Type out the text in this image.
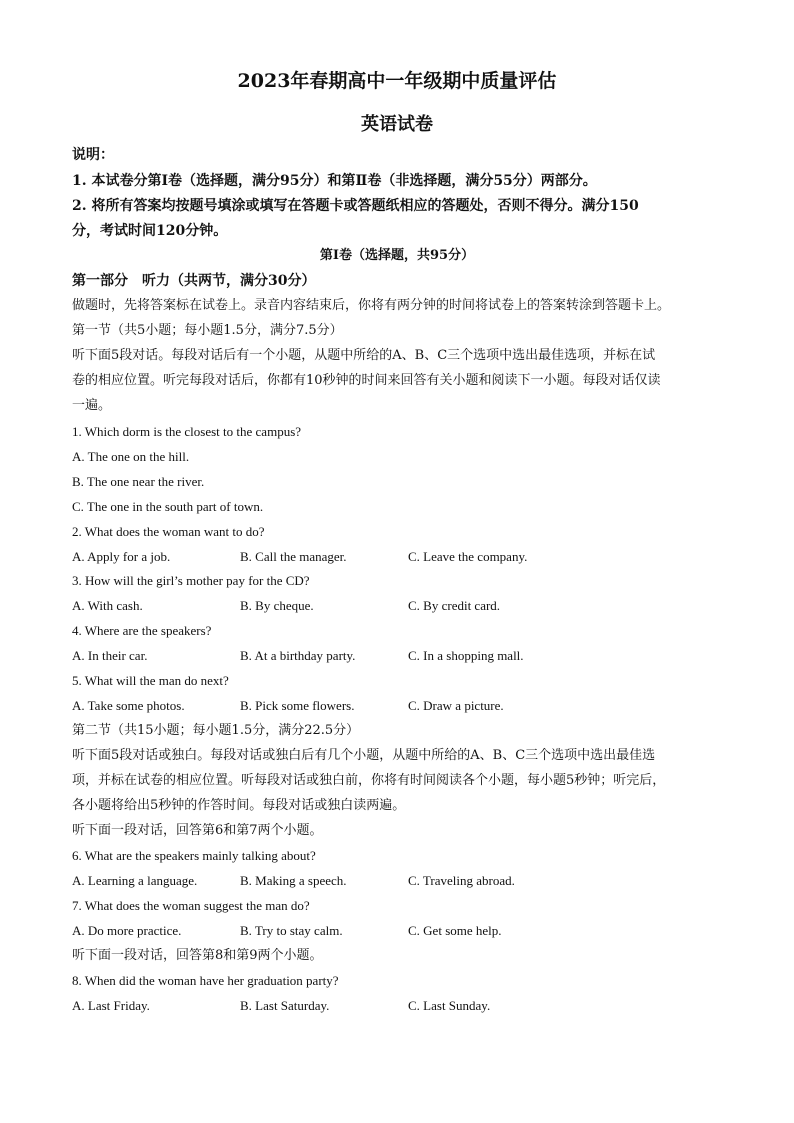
2023年春期高中一年级期中质量评估
英语试卷
说明：
1. 本试卷分第Ⅰ卷（选择题，满分95分）和第Ⅱ卷（非选择题，满分55分）两部分。
2. 将所有答案均按题号填涂或填写在答题卡或答题纸相应的答题处，否则不得分。满分150
分，考试时间120分钟。
第Ⅰ卷（选择题，共95分）
第一部分　听力（共两节，满分30分）
做题时，先将答案标在试卷上。录音内容结束后，你将有两分钟的时间将试卷上的答案转涂到答题卡上。
第一节（共5小题；每小题1.5分，满分7.5分）
听下面5段对话。每段对话后有一个小题，从题中所给的A、B、C三个选项中选出最佳选项，并标在试
卷的相应位置。听完每段对话后，你都有10秒钟的时间来回答有关小题和阅读下一小题。每段对话仅读
一遍。
1. Which dorm is the closest to the campus?
A. The one on the hill.
B. The one near the river.
C. The one in the south part of town.
2. What does the woman want to do?
A. Apply for a job.	B. Call the manager.	C. Leave the company.
3. How will the girl’s mother pay for the CD?
A. With cash.	B. By cheque.	C. By credit card.
4. Where are the speakers?
A. In their car.	B. At a birthday party.	C. In a shopping mall.
5. What will the man do next?
A. Take some photos.	B. Pick some flowers.	C. Draw a picture.
第二节（共15小题；每小题1.5分，满分22.5分）
听下面5段对话或独白。每段对话或独白后有几个小题，从题中所给的A、B、C三个选项中选出最佳选
项，并标在试卷的相应位置。听每段对话或独白前，你将有时间阅读各个小题，每小题5秒钟；听完后，
各小题将给出5秒钟的作答时间。每段对话或独白读两遍。
听下面一段对话，回答第6和第7两个小题。
6. What are the speakers mainly talking about?
A. Learning a language.	B. Making a speech.	C. Traveling abroad.
7. What does the woman suggest the man do?
A. Do more practice.	B. Try to stay calm.	C. Get some help.
听下面一段对话，回答第8和第9两个小题。
8. When did the woman have her graduation party?
A. Last Friday.	B. Last Saturday.	C. Last Sunday.
